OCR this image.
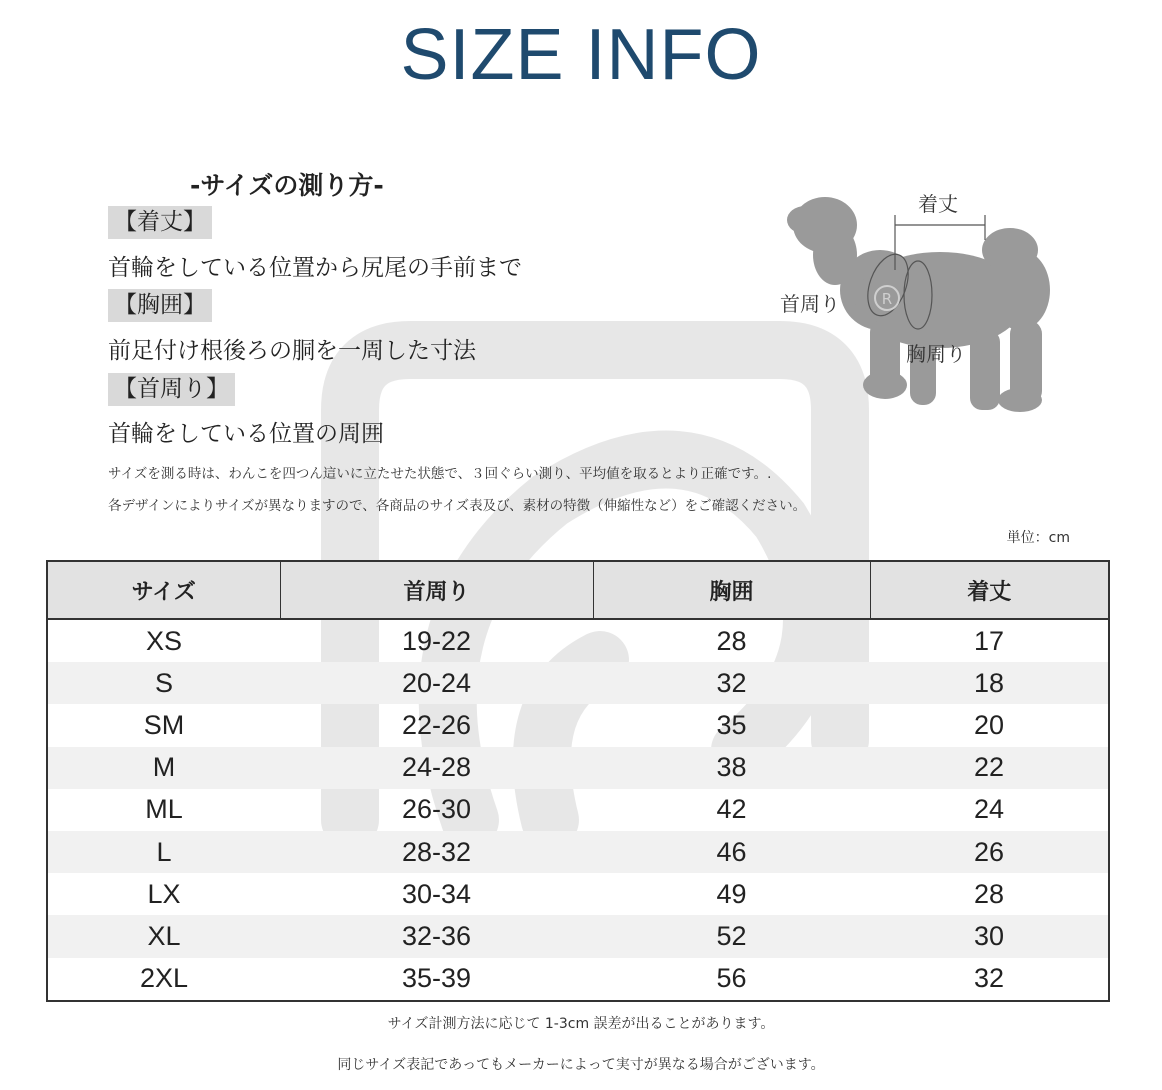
SIZE INFO
-サイズの測り方-
【着丈】
首輪をしている位置から尻尾の手前まで
【胸囲】
前足付け根後ろの胴を一周した寸法
【首周り】
首輪をしている位置の周囲
サイズを測る時は、わんこを四つん這いに立たせた状態で、３回ぐらい測り、平均値を取るとより正確です。.
各デザインによりサイズが異なりますので、各商品のサイズ表及び、素材の特徴（伸縮性など）をご確認ください。
R
着丈
首周り
胸周り
単位：cm
サイズ	首周り	胸囲	着丈
XS	19-22	28	17
S	20-24	32	18
SM	22-26	35	20
M	24-28	38	22
ML	26-30	42	24
L	28-32	46	26
LX	30-34	49	28
XL	32-36	52	30
2XL	35-39	56	32
サイズ計測方法に応じて 1-3cm 誤差が出ることがあります。
同じサイズ表記であってもメーカーによって実寸が異なる場合がございます。
